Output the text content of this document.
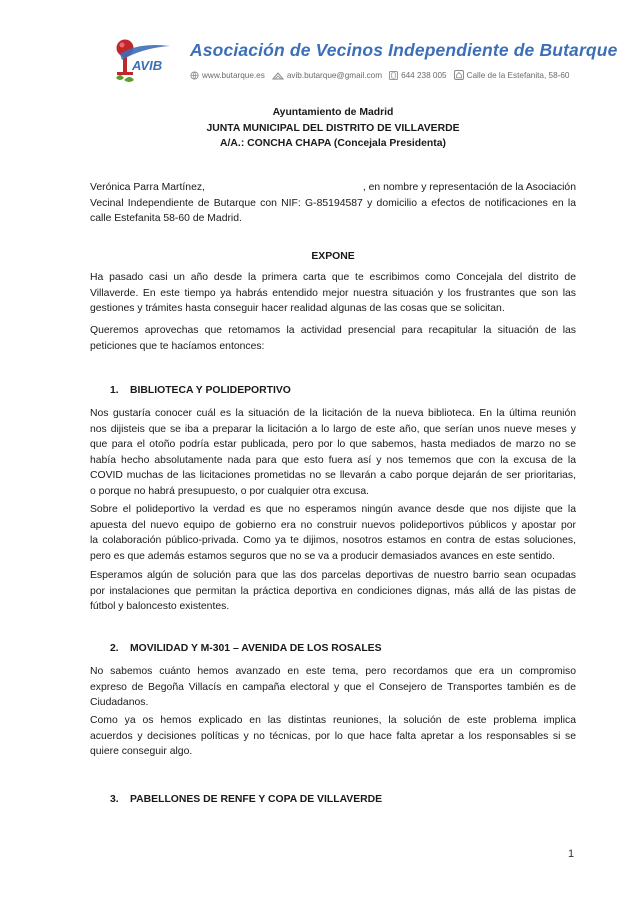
AVIB
Asociación de Vecinos Independiente de Butarque
www.butarque.es	avib.butarque@gmail.com 644 238 005 Calle de la Estefanita, 58-60
Ayuntamiento de Madrid
JUNTA MUNICIPAL DEL DISTRITO DE VILLAVERDE
A/A.: CONCHA CHAPA (Concejala Presidenta)
Verónica Parra Martínez,	, en nombre y representación de la Asociación
Vecinal Independiente de Butarque con NIF: G-85194587 y domicilio a efectos de notificaciones en la
calle Estefanita 58-60 de Madrid.
EXPONE
Ha pasado casi un año desde la primera carta que te escribimos como Concejala del distrito de
Villaverde. En este tiempo ya habrás entendido mejor nuestra situación y los frustrantes que son las
gestiones y trámites hasta conseguir hacer realidad algunas de las cosas que se solicitan.
Queremos aprovechas que retomamos la actividad presencial para recapitular la situación de las
peticiones que te hacíamos entonces:
1. BIBLIOTECA Y POLIDEPORTIVO
Nos gustaría conocer cuál es la situación de la licitación de la nueva biblioteca. En la última reunión
nos dijisteis que se iba a preparar la licitación a lo largo de este año, que serían unos nueve meses y
que para el otoño podría estar publicada, pero por lo que sabemos, hasta mediados de marzo no se
había hecho absolutamente nada para que esto fuera así y nos tememos que con la excusa de la
COVID muchas de las licitaciones prometidas no se llevarán a cabo porque dejarán de ser prioritarias,
o porque no habrá presupuesto, o por cualquier otra excusa.
Sobre el polideportivo la verdad es que no esperamos ningún avance desde que nos dijiste que la
apuesta del nuevo equipo de gobierno era no construir nuevos polideportivos públicos y apostar por
la colaboración público-privada. Como ya te dijimos, nosotros estamos en contra de estas soluciones,
pero es que además estamos seguros que no se va a producir demasiados avances en este sentido.
Esperamos algún de solución para que las dos parcelas deportivas de nuestro barrio sean ocupadas
por instalaciones que permitan la práctica deportiva en condiciones dignas, más allá de las pistas de
fútbol y baloncesto existentes.
2. MOVILIDAD Y M-301 – AVENIDA DE LOS ROSALES
No sabemos cuánto hemos avanzado en este tema, pero recordamos que era un compromiso
expreso de Begoña Villacís en campaña electoral y que el Consejero de Transportes también es de
Ciudadanos.
Como ya os hemos explicado en las distintas reuniones, la solución de este problema implica
acuerdos y decisiones políticas y no técnicas, por lo que hace falta apretar a los responsables si se
quiere conseguir algo.
3. PABELLONES DE RENFE Y COPA DE VILLAVERDE
1
